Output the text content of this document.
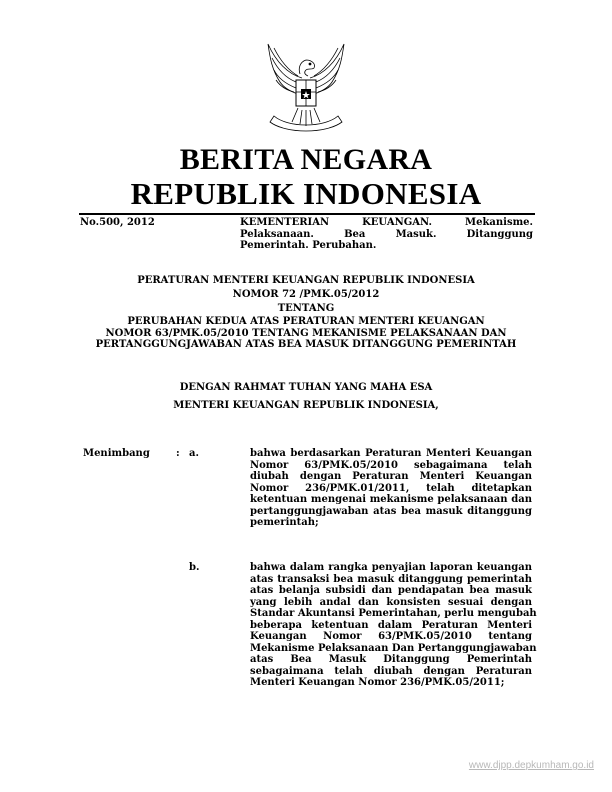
BERITA NEGARA
REPUBLIK INDONESIA
No.500, 2012	KEMENTERIAN KEUANGAN. Mekanisme.
Pelaksanaan. Bea Masuk. Ditanggung
Pemerintah. Perubahan.
PERATURAN MENTERI KEUANGAN REPUBLIK INDONESIA
NOMOR 72 /PMK.05/2012
TENTANG
PERUBAHAN KEDUA ATAS PERATURAN MENTERI KEUANGAN
NOMOR 63/PMK.05/2010 TENTANG MEKANISME PELAKSANAAN DAN
PERTANGGUNGJAWABAN ATAS BEA MASUK DITANGGUNG PEMERINTAH
DENGAN RAHMAT TUHAN YANG MAHA ESA
MENTERI KEUANGAN REPUBLIK INDONESIA,
Menimbang	: a.	bahwa berdasarkan Peraturan Menteri Keuangan
Nomor 63/PMK.05/2010 sebagaimana telah
diubah dengan Peraturan Menteri Keuangan
Nomor 236/PMK.01/2011, telah ditetapkan
ketentuan mengenai mekanisme pelaksanaan dan
pertanggungjawaban atas bea masuk ditanggung
pemerintah;
b.	bahwa dalam rangka penyajian laporan keuangan
atas transaksi bea masuk ditanggung pemerintah
atas belanja subsidi dan pendapatan bea masuk
yang lebih andal dan konsisten sesuai dengan
Standar Akuntansi Pemerintahan, perlu mengubah
beberapa ketentuan dalam Peraturan Menteri
Keuangan Nomor 63/PMK.05/2010 tentang
Mekanisme Pelaksanaan Dan Pertanggungjawaban
atas Bea Masuk Ditanggung Pemerintah
sebagaimana telah diubah dengan Peraturan
Menteri Keuangan Nomor 236/PMK.05/2011;
www.djpp.depkumham.go.id
